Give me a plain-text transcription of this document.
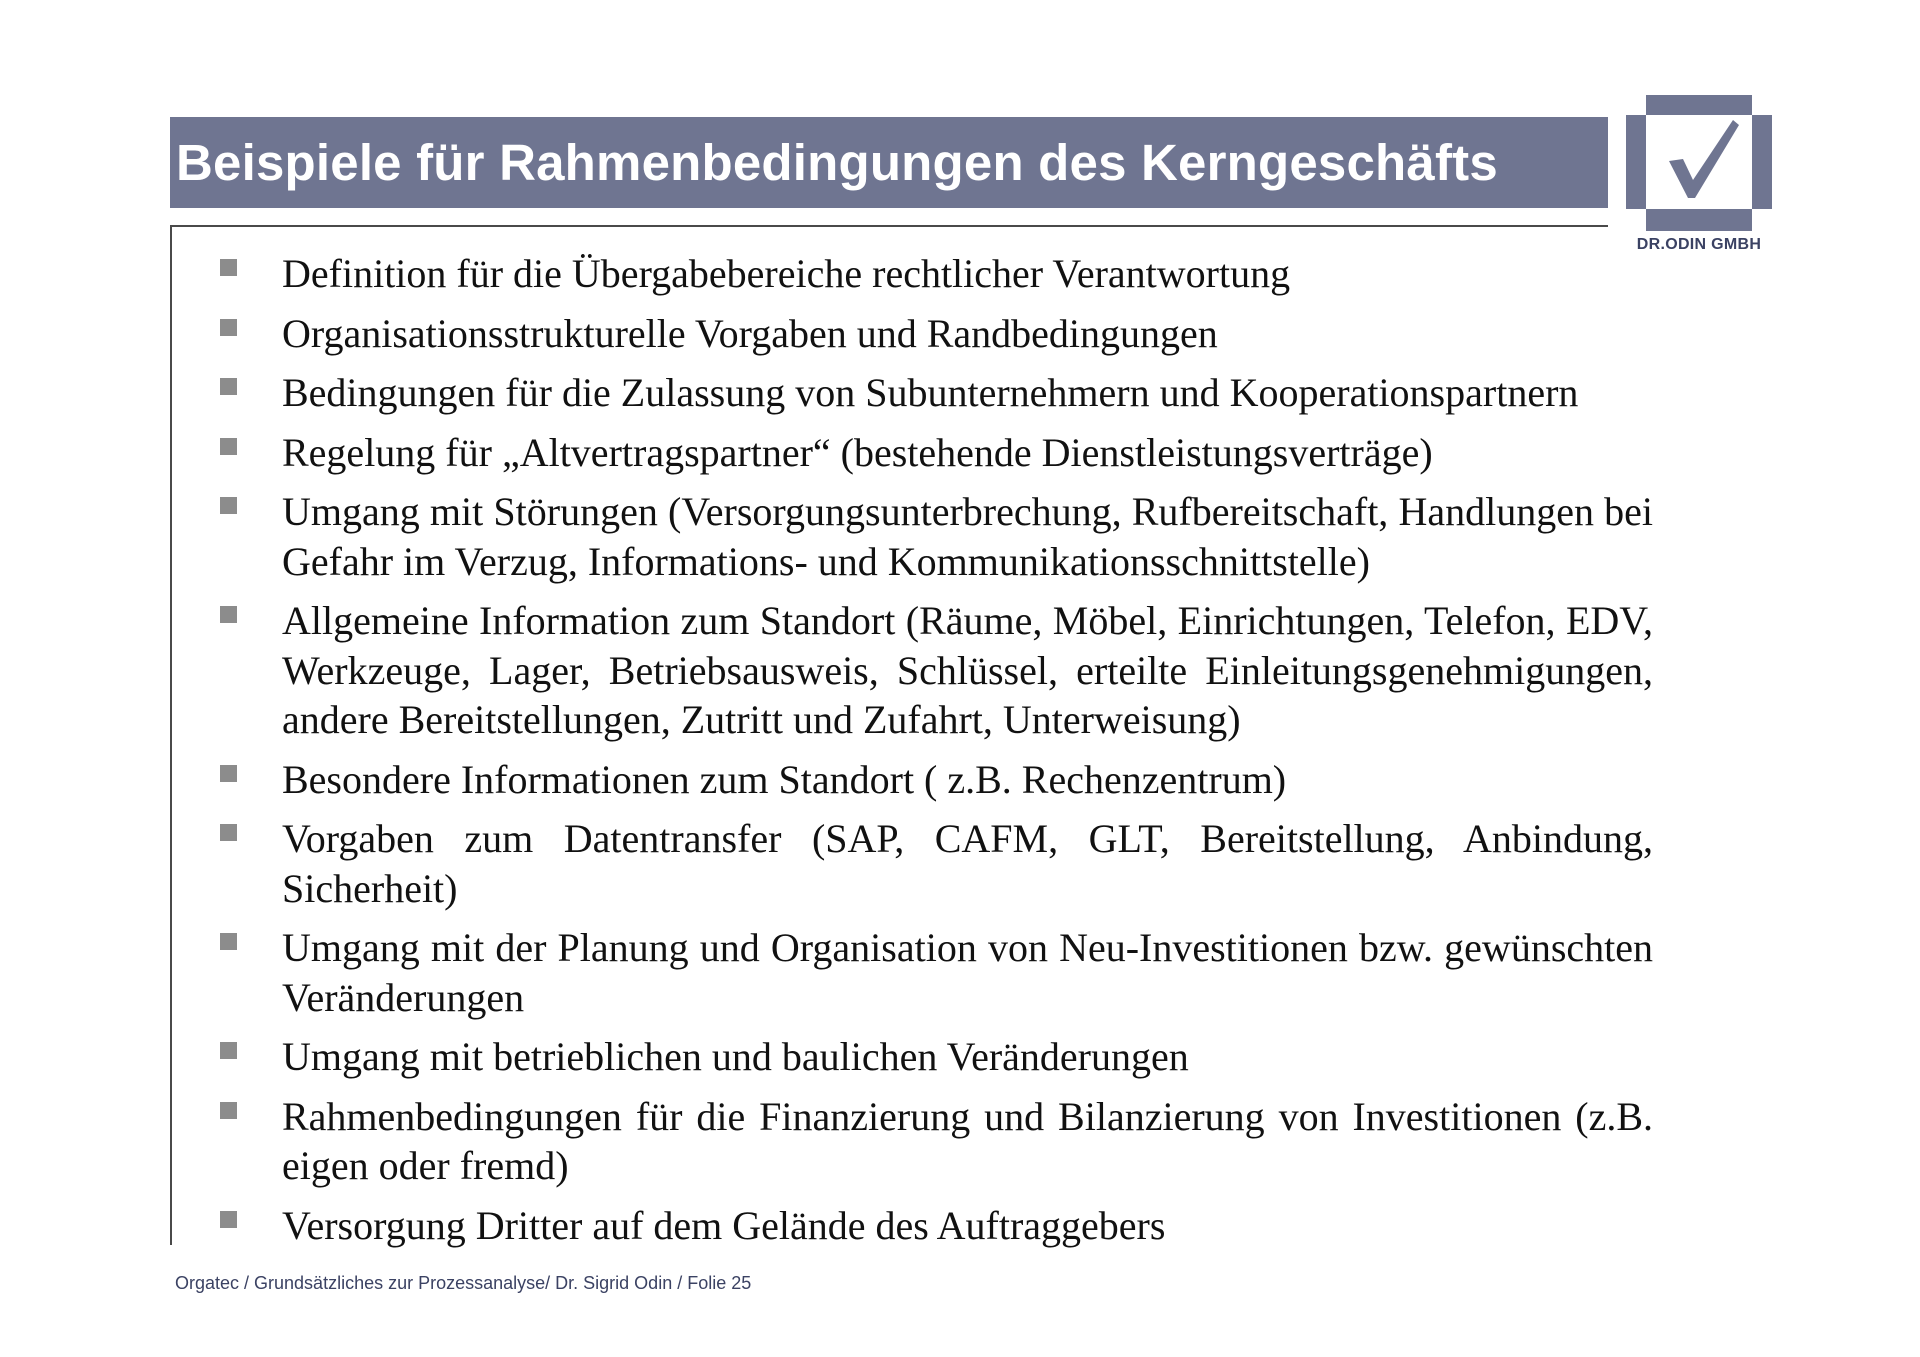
Beispiele für Rahmenbedingungen des Kerngeschäfts
DR.ODIN GMBH
Definition für die Übergabebereiche rechtlicher Verantwortung
Organisationsstrukturelle Vorgaben und Randbedingungen
Bedingungen für die Zulassung von Subunternehmern und Kooperationspartnern
Regelung für „Altvertragspartner“ (bestehende Dienstleistungsverträge)
Umgang mit Störungen (Versorgungsunterbrechung, Rufbereitschaft, Handlungen bei Gefahr im Verzug, Informations- und Kommunikationsschnittstelle)
Allgemeine Information zum Standort (Räume, Möbel, Einrichtungen, Telefon, EDV, Werkzeuge, Lager, Betriebsausweis, Schlüssel, erteilte Einleitungsgenehmigungen, andere Bereitstellungen, Zutritt und Zufahrt, Unterweisung)
Besondere Informationen zum Standort ( z.B. Rechenzentrum)
Vorgaben zum Datentransfer (SAP, CAFM, GLT, Bereitstellung, Anbindung, Sicherheit)
Umgang mit der Planung und Organisation von Neu-Investitionen bzw. gewünschten Veränderungen
Umgang mit betrieblichen und baulichen Veränderungen
Rahmenbedingungen für die Finanzierung und Bilanzierung von Investitionen (z.B. eigen oder fremd)
Versorgung Dritter auf dem Gelände des Auftraggebers
Orgatec / Grundsätzliches zur Prozessanalyse/ Dr. Sigrid Odin / Folie 25
